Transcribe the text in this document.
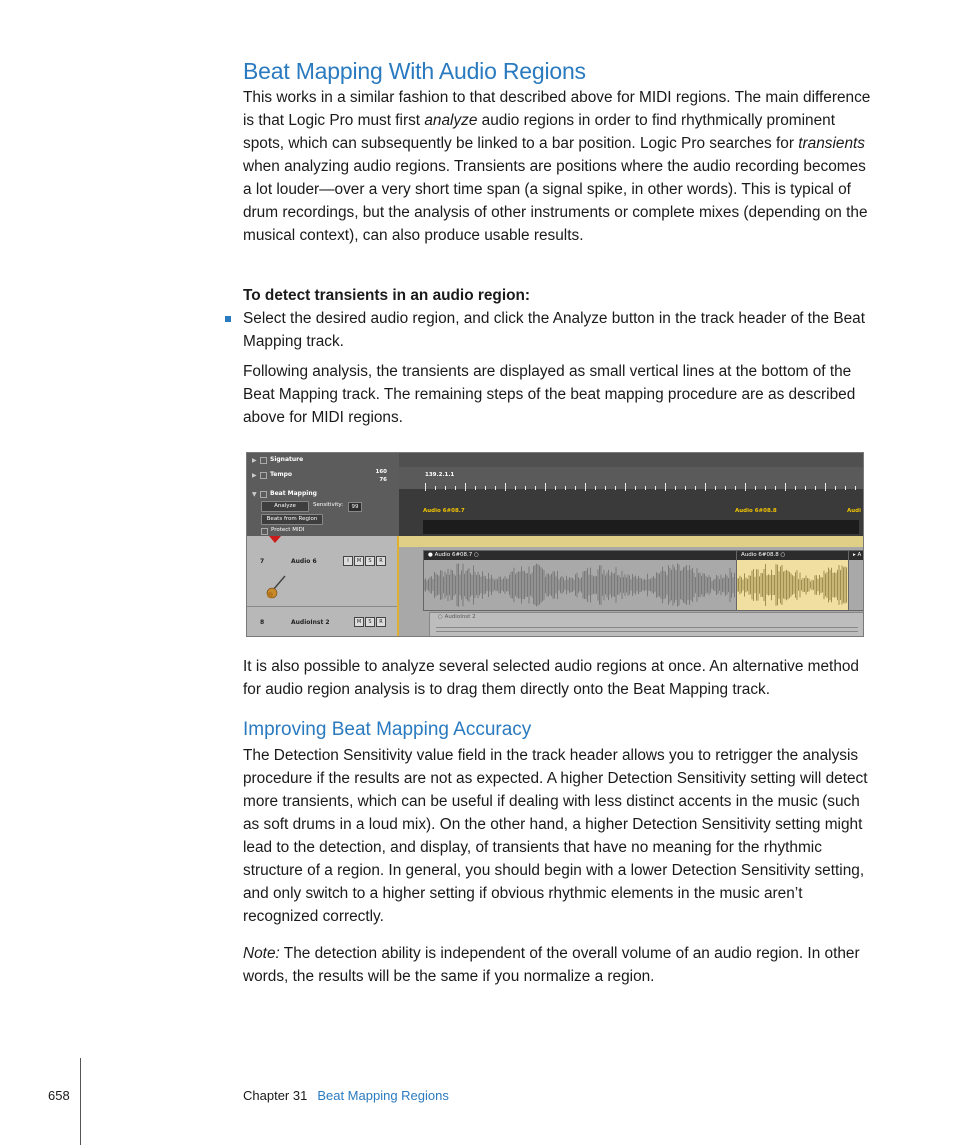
Beat Mapping With Audio Regions

This works in a similar fashion to that described above for MIDI regions. The main difference is that Logic Pro must first analyze audio regions in order to find rhythmically prominent spots, which can subsequently be linked to a bar position. Logic Pro searches for transients when analyzing audio regions. Transients are positions where the audio recording becomes a lot louder—over a very short time span (a signal spike, in other words). This is typical of drum recordings, but the analysis of other instruments or complete mixes (depending on the musical context), can also produce usable results.

To detect transients in an audio region:

Select the desired audio region, and click the Analyze button in the track header of the Beat Mapping track.

Following analysis, the transients are displayed as small vertical lines at the bottom of the Beat Mapping track. The remaining steps of the beat mapping procedure are as described above for MIDI regions.

▶ Signature
▶ Tempo	160
76
▼ Beat Mapping
Analyze	Sensitivity:	99
Beats from Region
Protect MIDI
139.2.1.1
Audio 6#08.7	Audio 6#08.8	Audi
7	Audio 6	I	M	S	R
8	AudioInst 2	M	S	R
● Audio 6#08.7 ○	Audio 6#08.8 ○	▸ A
○ AudioInst 2

It is also possible to analyze several selected audio regions at once. An alternative method for audio region analysis is to drag them directly onto the Beat Mapping track.

Improving Beat Mapping Accuracy

The Detection Sensitivity value field in the track header allows you to retrigger the analysis procedure if the results are not as expected. A higher Detection Sensitivity setting will detect more transients, which can be useful if dealing with less distinct accents in the music (such as soft drums in a loud mix). On the other hand, a higher Detection Sensitivity setting might lead to the detection, and display, of transients that have no meaning for the rhythmic structure of a region. In general, you should begin with a lower Detection Sensitivity setting, and only switch to a higher setting if obvious rhythmic elements in the music aren’t recognized correctly.

Note: The detection ability is independent of the overall volume of an audio region. In other words, the results will be the same if you normalize a region.

658	Chapter 31 Beat Mapping Regions
